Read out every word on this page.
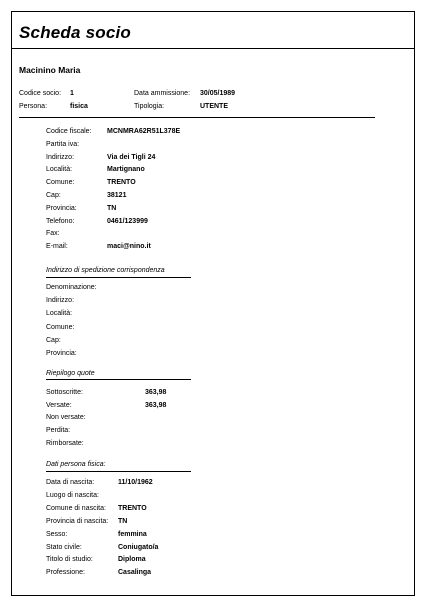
Scheda socio
Macinino Maria
Codice socio: 1	Data ammissione: 30/05/1989
Persona:	fisica	Tipologia:	UTENTE
Codice fiscale: MCNMRA62R51L378E
Partita iva:
Indirizzo:	Via dei Tigli 24
Località:	Martignano
Comune:	TRENTO
Cap:	38121
Provincia:	TN
Telefono:	0461/123999
Fax:
E-mail:	maci@nino.it
Indirizzo di spedizione corrispondenza
Denominazione:
Indirizzo:
Località:
Comune:
Cap:
Provincia:
Riepilogo quote
Sottoscritte:	363,98
Versate:	363,98
Non versate:
Perdita:
Rimborsate:
Dati persona fisica:
Data di nascita:	11/10/1962
Luogo di nascita:
Comune di nascita: TRENTO
Provincia di nascita: TN
Sesso:	femmina
Stato civile:	Coniugato/a
Titolo di studio:	Diploma
Professione:	Casalinga
